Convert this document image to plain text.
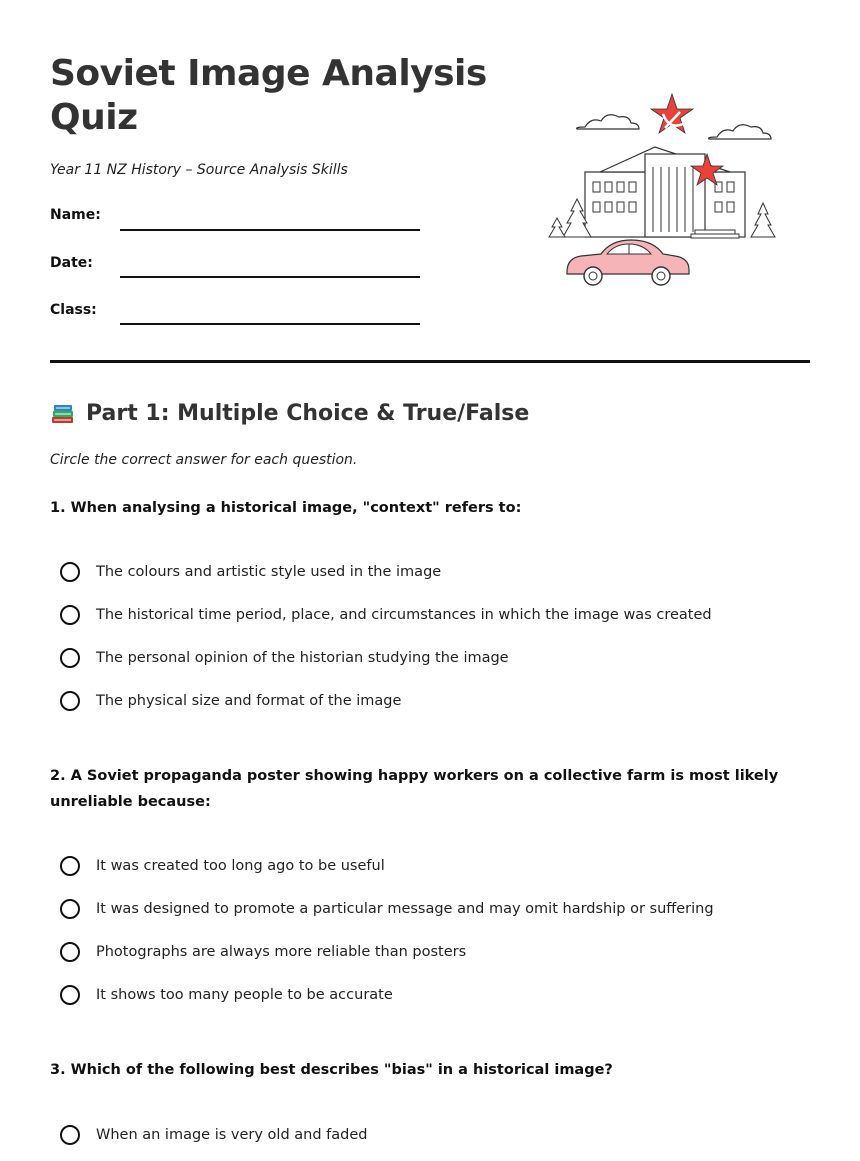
Soviet Image Analysis Quiz
Year 11 NZ History – Source Analysis Skills
Name:
Date:
Class:
Part 1: Multiple Choice & True/False
Circle the correct answer for each question.
1. When analysing a historical image, "context" refers to:
The colours and artistic style used in the image
The historical time period, place, and circumstances in which the image was created
The personal opinion of the historian studying the image
The physical size and format of the image
2. A Soviet propaganda poster showing happy workers on a collective farm is most likely unreliable because:
It was created too long ago to be useful
It was designed to promote a particular message and may omit hardship or suffering
Photographs are always more reliable than posters
It shows too many people to be accurate
3. Which of the following best describes "bias" in a historical image?
When an image is very old and faded
